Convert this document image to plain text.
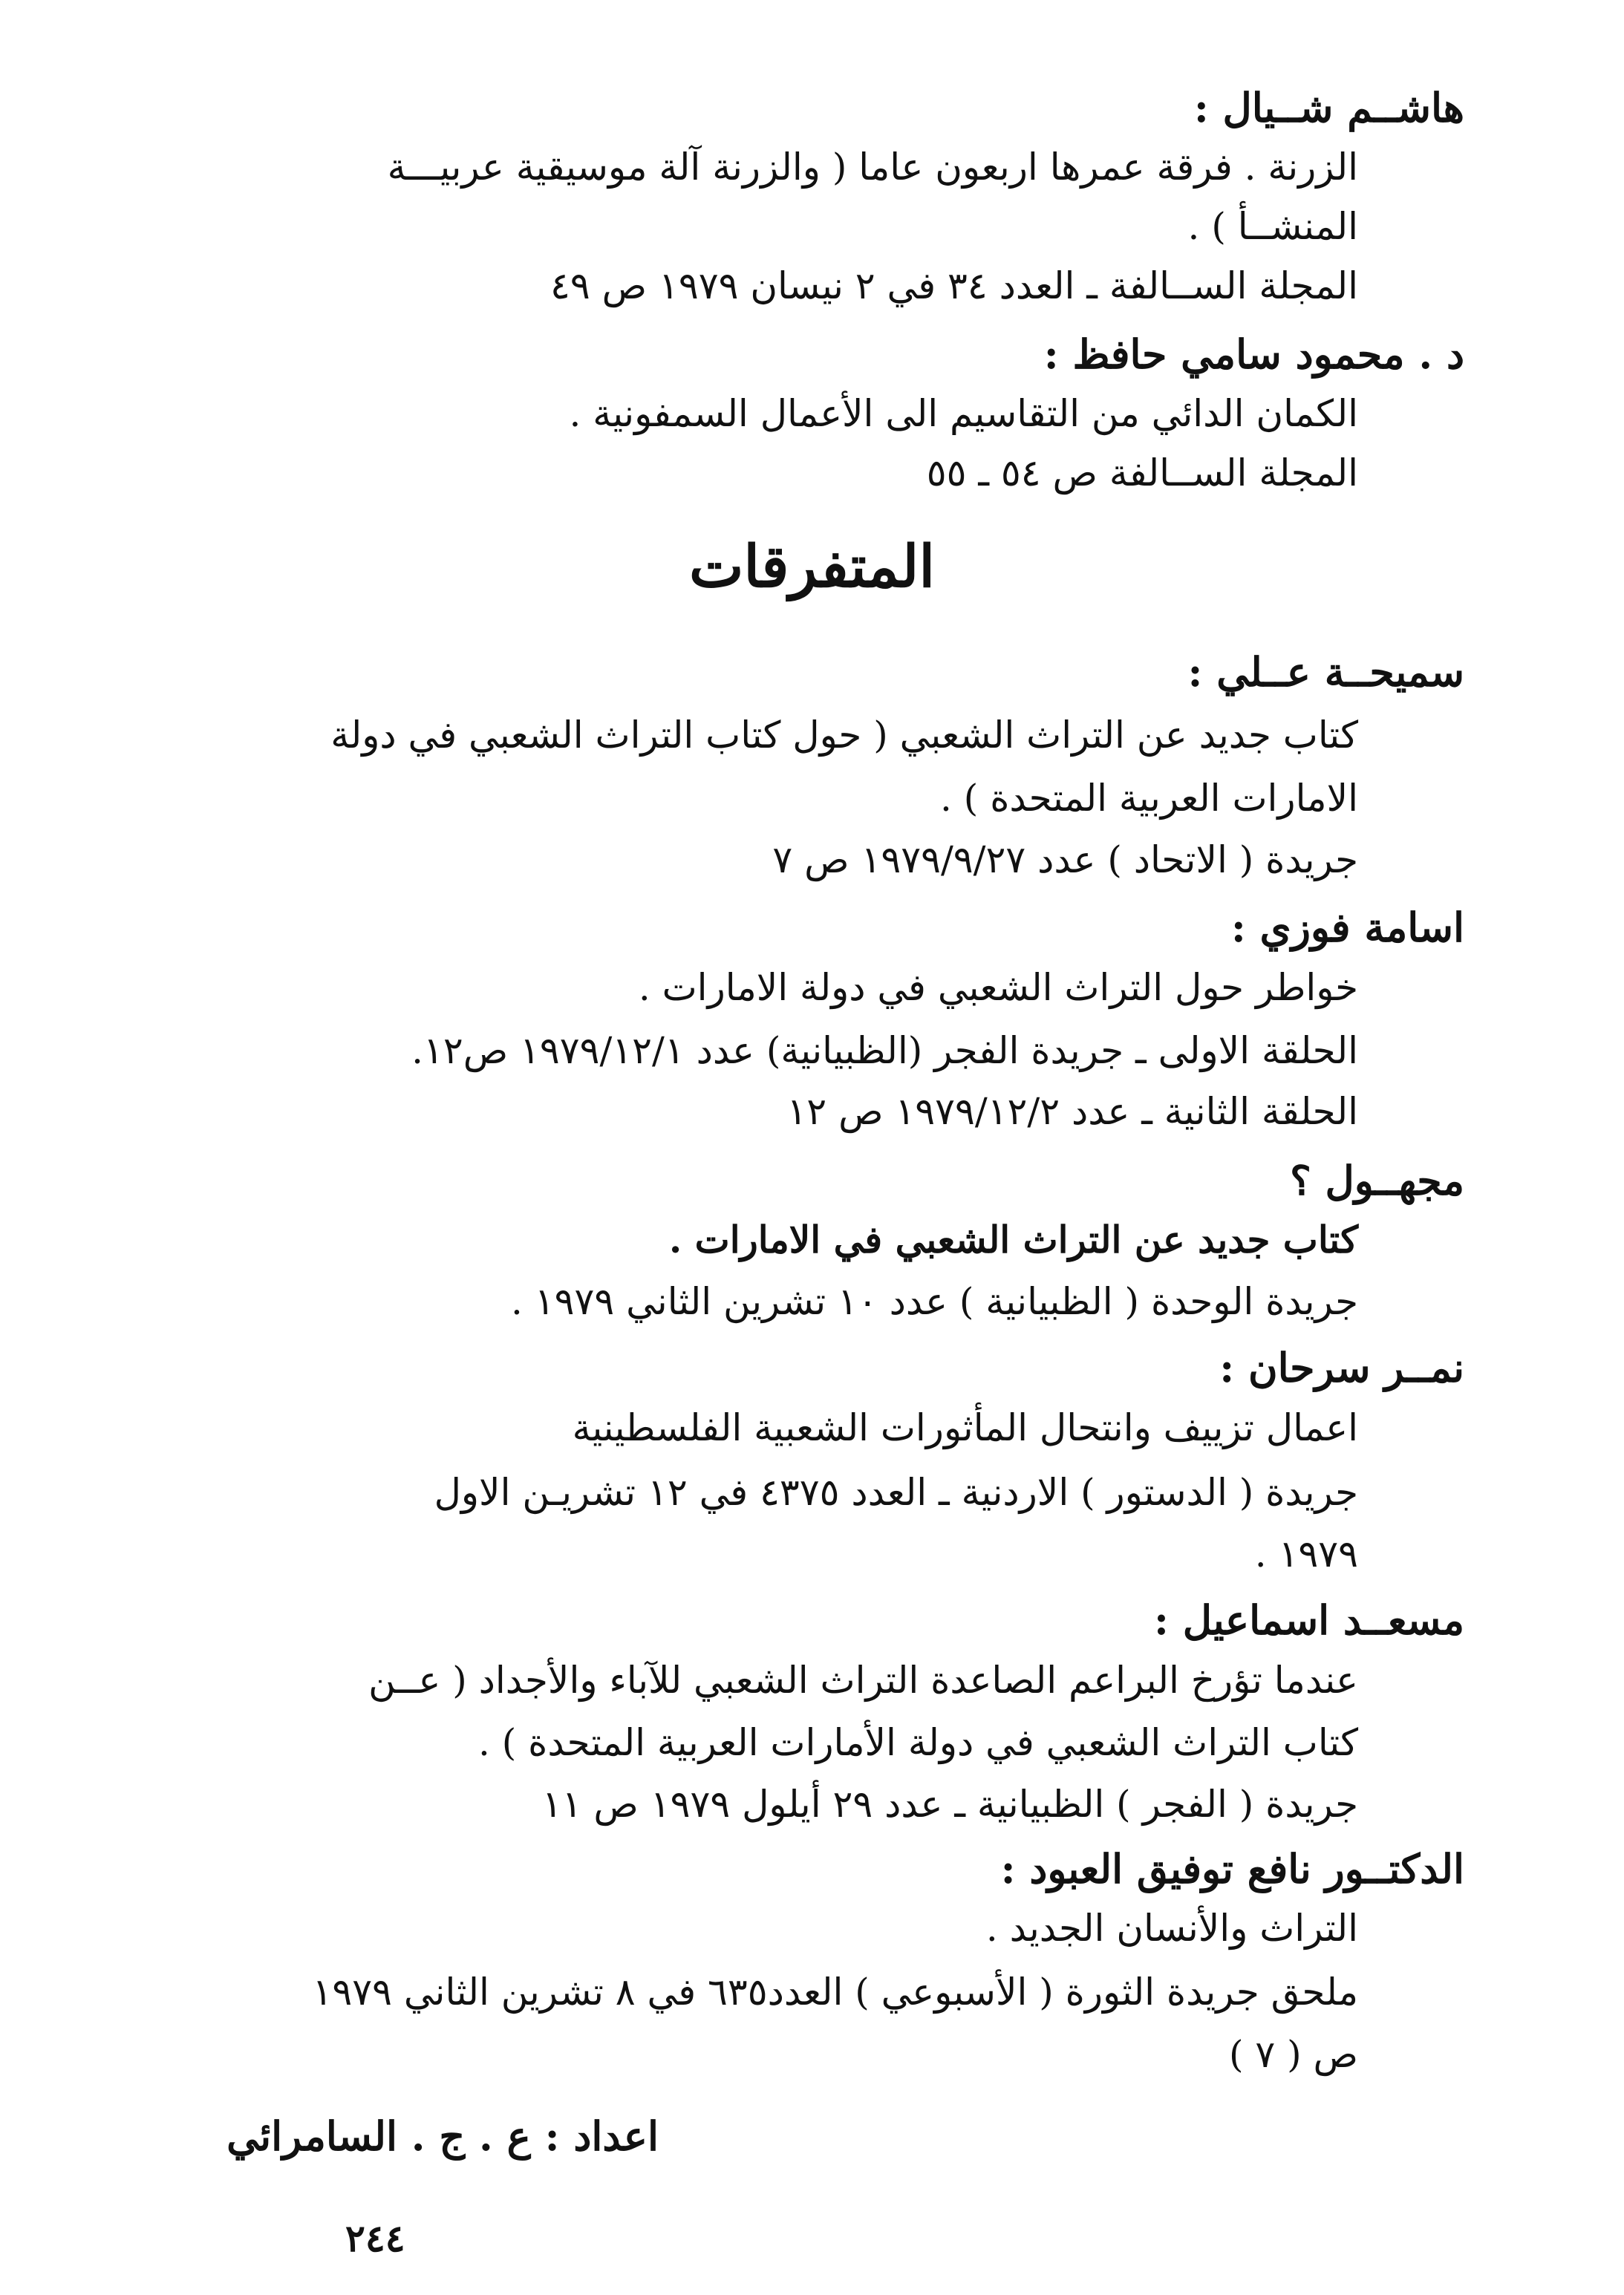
هاشــم شــيال :
الزرنة . فرقة عمرها اربعون عاما ( والزرنة آلة موسيقية عربيـــة
المنشــأ ) .
المجلة الســالفة ـ العدد ٣٤ في ٢ نيسان ١٩٧٩ ص ٤٩
د . محمود سامي حافظ :
الكمان الدائي من التقاسيم الى الأعمال السمفونية .
المجلة الســالفة ص ٥٤ ـ ٥٥
المتفرقات
سميحــة عــلي :
كتاب جديد عن التراث الشعبي ( حول كتاب التراث الشعبي في دولة
الامارات العربية المتحدة ) .
جريدة ( الاتحاد ) عدد ١٩٧٩/٩/٢٧ ص ٧
اسامة فوزي :
خواطر حول التراث الشعبي في دولة الامارات .
الحلقة الاولى ـ جريدة الفجر (الظبيانية) عدد ١٩٧٩/١٢/١ ص١٢.
الحلقة الثانية ـ عدد ١٩٧٩/١٢/٢ ص ١٢
مجهــول ؟
كتاب جديد عن التراث الشعبي في الامارات .
جريدة الوحدة ( الظبيانية ) عدد ١٠ تشرين الثاني ١٩٧٩ .
نمــر سرحان :
اعمال تزييف وانتحال المأثورات الشعبية الفلسطينية
جريدة ( الدستور ) الاردنية ـ العدد ٤٣٧٥ في ١٢ تشريـن الاول
١٩٧٩ .
مسعــد اسماعيل :
عندما تؤرخ البراعم الصاعدة التراث الشعبي للآباء والأجداد ( عــن
كتاب التراث الشعبي في دولة الأمارات العربية المتحدة ) .
جريدة ( الفجر ) الظبيانية ـ عدد ٢٩ أيلول ١٩٧٩ ص ١١
الدكتــور نافع توفيق العبود :
التراث والأنسان الجديد .
ملحق جريدة الثورة ( الأسبوعي ) العدد٦٣٥ في ٨ تشرين الثاني ١٩٧٩
ص ( ٧ )
اعداد : ع . ج . السامرائي
٢٤٤
